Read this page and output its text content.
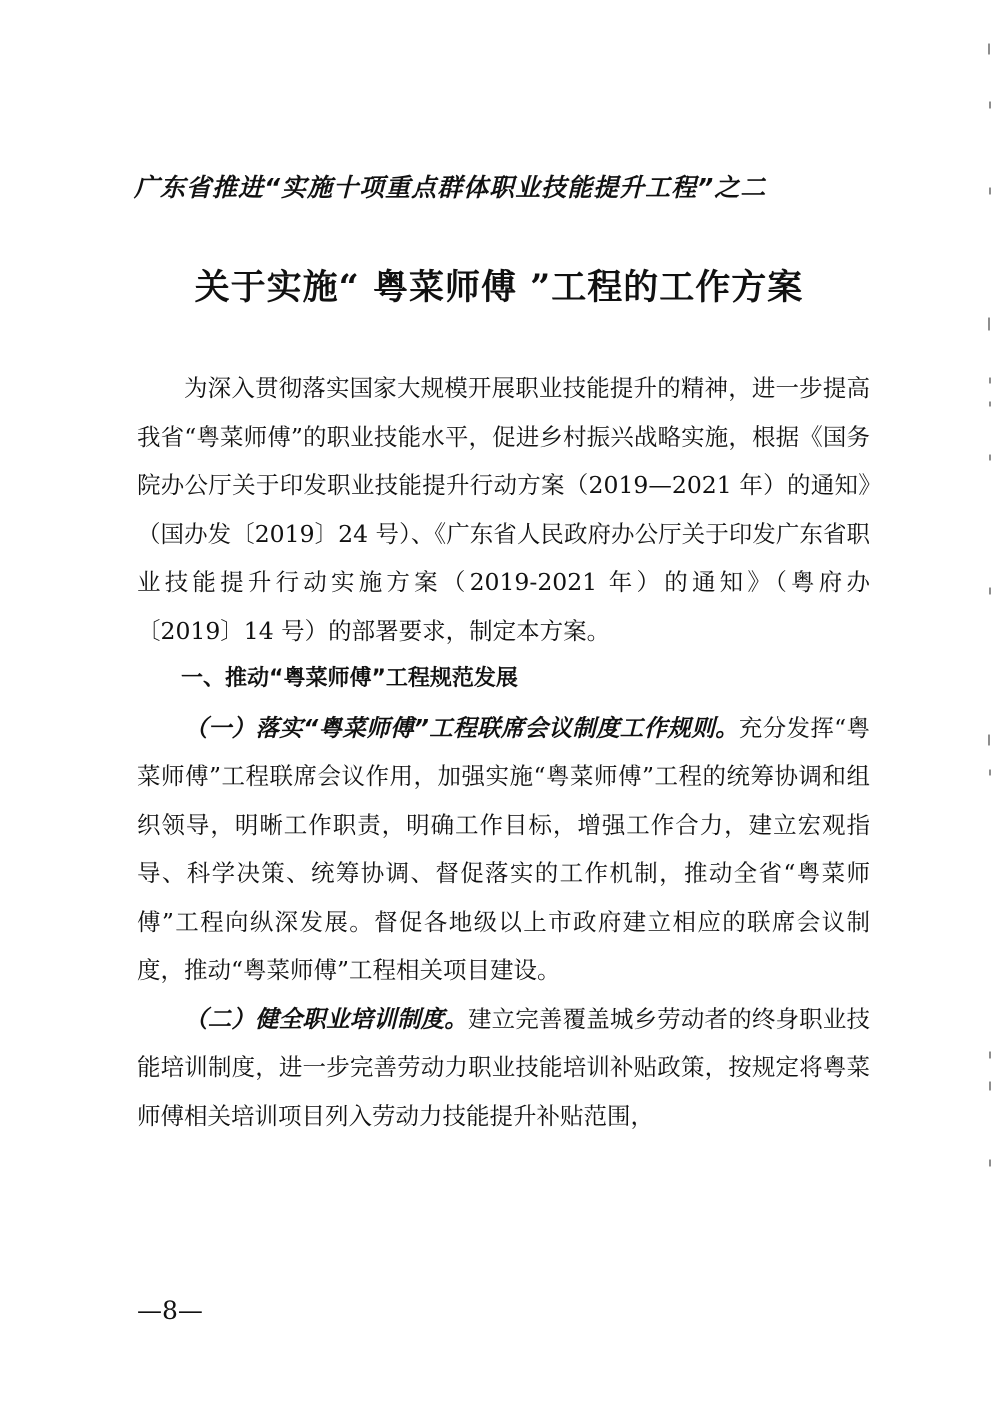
广东省推进“实施十项重点群体职业技能提升工程”之二
关于实施“ 粤菜师傅 ”工程的工作方案

为深入贯彻落实国家大规模开展职业技能提升的精神，进一步提高我省“粤菜师傅”的职业技能水平，促进乡村振兴战略实施，根据《国务院办公厅关于印发职业技能提升行动方案（2019—2021 年）的通知》（国办发〔2019〕24 号）、《广东省人民政府办公厅关于印发广东省职业技能提升行动实施方案（2019-2021 年）的通知》（粤府办〔2019〕14 号）的部署要求，制定本方案。

一、推动“粤菜师傅”工程规范发展

（一）落实“粤菜师傅”工程联席会议制度工作规则。充分发挥“粤菜师傅”工程联席会议作用，加强实施“粤菜师傅”工程的统筹协调和组织领导，明晰工作职责，明确工作目标，增强工作合力，建立宏观指导、科学决策、统筹协调、督促落实的工作机制，推动全省“粤菜师傅”工程向纵深发展。督促各地级以上市政府建立相应的联席会议制度，推动“粤菜师傅”工程相关项目建设。

（二）健全职业培训制度。建立完善覆盖城乡劳动者的终身职业技能培训制度，进一步完善劳动力职业技能培训补贴政策，按规定将粤菜师傅相关培训项目列入劳动力技能提升补贴范围，

—8—
